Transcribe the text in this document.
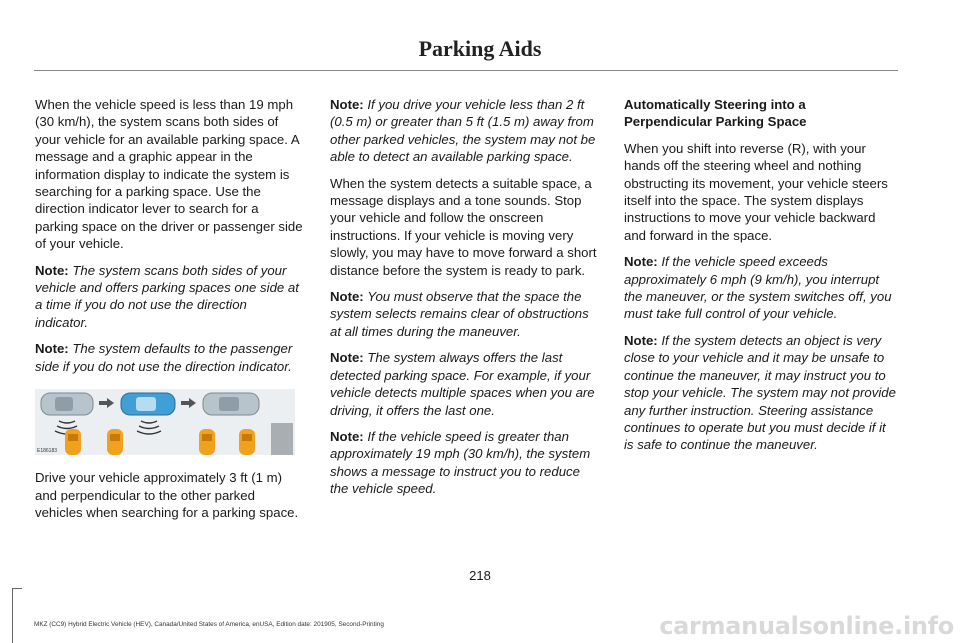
Parking Aids

When the vehicle speed is less than 19 mph (30 km/h), the system scans both sides of your vehicle for an available parking space. A message and a graphic appear in the information display to indicate the system is searching for a parking space. Use the direction indicator lever to search for a parking space on the driver or passenger side of your vehicle.

Note: The system scans both sides of your vehicle and offers parking spaces one side at a time if you do not use the direction indicator.

Note: The system defaults to the passenger side if you do not use the direction indicator.

E186183

Drive your vehicle approximately 3 ft (1 m) and perpendicular to the other parked vehicles when searching for a parking space.

Note: If you drive your vehicle less than 2 ft (0.5 m) or greater than 5 ft (1.5 m) away from other parked vehicles, the system may not be able to detect an available parking space.

When the system detects a suitable space, a message displays and a tone sounds. Stop your vehicle and follow the onscreen instructions. If your vehicle is moving very slowly, you may have to move forward a short distance before the system is ready to park.

Note: You must observe that the space the system selects remains clear of obstructions at all times during the maneuver.

Note: The system always offers the last detected parking space. For example, if your vehicle detects multiple spaces when you are driving, it offers the last one.

Note: If the vehicle speed is greater than approximately 19 mph (30 km/h), the system shows a message to instruct you to reduce the vehicle speed.

Automatically Steering into a Perpendicular Parking Space

When you shift into reverse (R), with your hands off the steering wheel and nothing obstructing its movement, your vehicle steers itself into the space. The system displays instructions to move your vehicle backward and forward in the space.

Note: If the vehicle speed exceeds approximately 6 mph (9 km/h), you interrupt the maneuver, or the system switches off, you must take full control of your vehicle.

Note: If the system detects an object is very close to your vehicle and it may be unsafe to continue the maneuver, it may instruct you to stop your vehicle. The system may not provide any further instruction. Steering assistance continues to operate but you must decide if it is safe to continue the maneuver.

218
MKZ (CC9) Hybrid Electric Vehicle (HEV), Canada/United States of America, enUSA, Edition date: 201905, Second-Printing	carmanualsonline.info
